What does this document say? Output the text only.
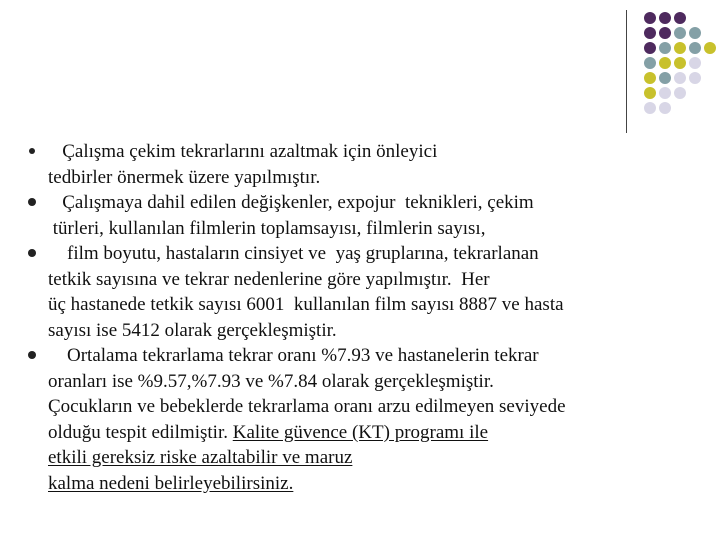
Çalışma çekim tekrarlarını azaltmak için önleyici
tedbirler önermek üzere yapılmıştır.
Çalışmaya dahil edilen değişkenler, expojur  teknikleri, çekim
türleri, kullanılan filmlerin toplamsayısı, filmlerin sayısı,
film boyutu, hastaların cinsiyet ve  yaş gruplarına, tekrarlanan
tetkik sayısına ve tekrar nedenlerine göre yapılmıştır.  Her
üç hastanede tetkik sayısı 6001  kullanılan film sayısı 8887 ve hasta
sayısı ise 5412 olarak gerçekleşmiştir.
Ortalama tekrarlama tekrar oranı %7.93 ve hastanelerin tekrar
oranları ise %9.57,%7.93 ve %7.84 olarak gerçekleşmiştir.
Çocukların ve bebeklerde tekrarlama oranı arzu edilmeyen seviyede
olduğu tespit edilmiştir. Kalite güvence (KT) programı ile
etkili gereksiz riske azaltabilir ve maruz
kalma nedeni belirleyebilirsiniz.
